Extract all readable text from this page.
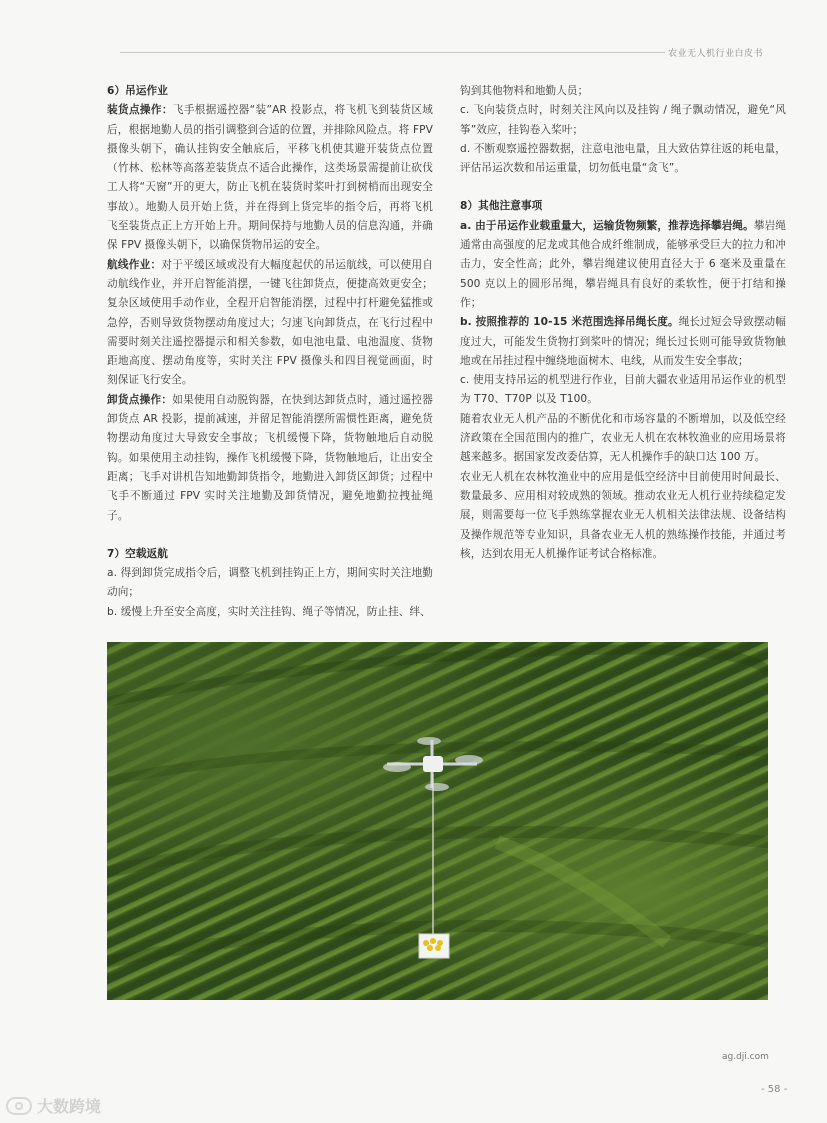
农业无人机行业白皮书

6）吊运作业

装货点操作：飞手根据遥控器“装”AR 投影点，将飞机飞到装货区域后，根据地勤人员的指引调整到合适的位置，并排除风险点。将 FPV 摄像头朝下，确认挂钩安全触底后，平移飞机使其避开装货点位置（竹林、松林等高落差装货点不适合此操作，这类场景需提前让砍伐工人将“天窗”开的更大，防止飞机在装货时桨叶打到树梢而出现安全事故）。地勤人员开始上货，并在得到上货完毕的指令后，再将飞机飞至装货点正上方开始上升。期间保持与地勤人员的信息沟通，并确保 FPV 摄像头朝下，以确保货物吊运的安全。

航线作业：对于平缓区域或没有大幅度起伏的吊运航线，可以使用自动航线作业，并开启智能消摆，一键飞往卸货点，便捷高效更安全；复杂区域使用手动作业，全程开启智能消摆，过程中打杆避免猛推或急停，否则导致货物摆动角度过大；匀速飞向卸货点，在飞行过程中需要时刻关注遥控器提示和相关参数，如电池电量、电池温度、货物距地高度、摆动角度等，实时关注 FPV 摄像头和四目视觉画面，时刻保证飞行安全。

卸货点操作：如果使用自动脱钩器，在快到达卸货点时，通过遥控器卸货点 AR 投影，提前减速，并留足智能消摆所需惯性距离，避免货物摆动角度过大导致安全事故；飞机缓慢下降，货物触地后自动脱钩。如果使用主动挂钩，操作飞机缓慢下降，货物触地后，让出安全距离；飞手对讲机告知地勤卸货指令，地勤进入卸货区卸货；过程中飞手不断通过 FPV 实时关注地勤及卸货情况，避免地勤拉拽扯绳子。

7）空载返航

a. 得到卸货完成指令后，调整飞机到挂钩正上方，期间实时关注地勤动向；

b. 缓慢上升至安全高度，实时关注挂钩、绳子等情况，防止挂、绊、

钩到其他物料和地勤人员；

c. 飞向装货点时，时刻关注风向以及挂钩 / 绳子飘动情况，避免“风筝”效应，挂钩卷入桨叶；

d. 不断观察遥控器数据，注意电池电量，且大致估算往返的耗电量，评估吊运次数和吊运重量，切勿低电量“贪飞”。

8）其他注意事项

a. 由于吊运作业载重量大，运输货物频繁，推荐选择攀岩绳。攀岩绳通常由高强度的尼龙或其他合成纤维制成，能够承受巨大的拉力和冲击力，安全性高；此外，攀岩绳建议使用直径大于 6 毫米及重量在 500 克以上的圆形吊绳，攀岩绳具有良好的柔软性，便于打结和操作；

b. 按照推荐的 10-15 米范围选择吊绳长度。绳长过短会导致摆动幅度过大，可能发生货物打到桨叶的情况；绳长过长则可能导致货物触地或在吊挂过程中缠绕地面树木、电线，从而发生安全事故；

c. 使用支持吊运的机型进行作业，目前大疆农业适用吊运作业的机型为 T70、T70P 以及 T100。

随着农业无人机产品的不断优化和市场容量的不断增加，以及低空经济政策在全国范围内的推广，农业无人机在农林牧渔业的应用场景将越来越多。据国家发改委估算，无人机操作手的缺口达 100 万。

农业无人机在农林牧渔业中的应用是低空经济中目前使用时间最长、数量最多、应用相对较成熟的领域。推动农业无人机行业持续稳定发展，则需要每一位飞手熟练掌握农业无人机相关法律法规、设备结构及操作规范等专业知识，具备农业无人机的熟练操作技能，并通过考核，达到农用无人机操作证考试合格标准。

ag.dji.com
- 58 -
大数跨境
